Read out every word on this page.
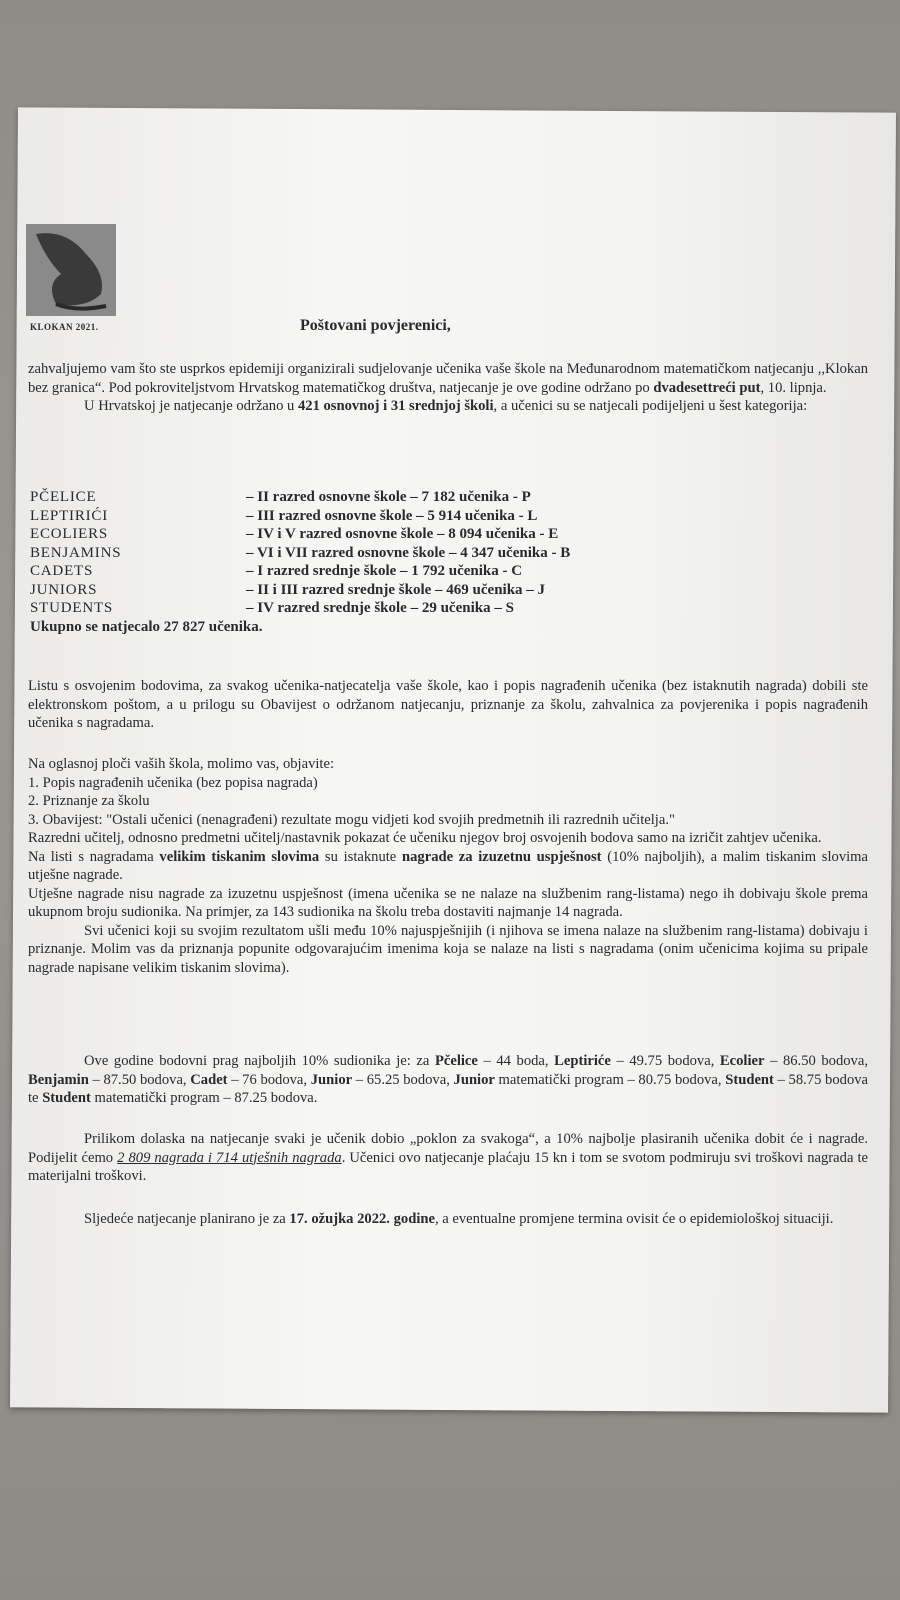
KLOKAN 2021.	Poštovani povjerenici,

zahvaljujemo vam što ste usprkos epidemiji organizirali sudjelovanje učenika vaše škole na Međunarodnom matematičkom natjecanju ,,Klokan bez granica“. Pod pokroviteljstvom Hrvatskog matematičkog društva, natjecanje je ove godine održano po dvadesettreći put, 10. lipnja.

U Hrvatskoj je natjecanje održano u 421 osnovnoj i 31 srednjoj školi, a učenici su se natjecali podijeljeni u šest kategorija:

PČELICE	– II razred osnovne škole – 7 182 učenika - P
LEPTIRIĆI	– III razred osnovne škole – 5 914 učenika - L
ECOLIERS	– IV i V razred osnovne škole – 8 094 učenika - E
BENJAMINS	– VI i VII razred osnovne škole – 4 347 učenika - B
CADETS	– I razred srednje škole – 1 792 učenika - C
JUNIORS	– II i III razred srednje škole – 469 učenika – J
STUDENTS	– IV razred srednje škole – 29 učenika – S
Ukupno se natjecalo 27 827 učenika.
Listu s osvojenim bodovima, za svakog učenika-natjecatelja vaše škole, kao i popis nagrađenih učenika (bez istaknutih nagrada) dobili ste elektronskom poštom, a u prilogu su Obavijest o održanom natjecanju, priznanje za školu, zahvalnica za povjerenika i popis nagrađenih učenika s nagradama.

Na oglasnoj ploči vaših škola, molimo vas, objavite:

1. Popis nagrađenih učenika (bez popisa nagrada)

2. Priznanje za školu

3. Obavijest: "Ostali učenici (nenagrađeni) rezultate mogu vidjeti kod svojih predmetnih ili razrednih učitelja."

Razredni učitelj, odnosno predmetni učitelj/nastavnik pokazat će učeniku njegov broj osvojenih bodova samo na izričit zahtjev učenika.

Na listi s nagradama velikim tiskanim slovima su istaknute nagrade za izuzetnu uspješnost (10% najboljih), a malim tiskanim slovima utješne nagrade.

Utješne nagrade nisu nagrade za izuzetnu uspješnost (imena učenika se ne nalaze na službenim rang-listama) nego ih dobivaju škole prema ukupnom broju sudionika. Na primjer, za 143 sudionika na školu treba dostaviti najmanje 14 nagrada.

Svi učenici koji su svojim rezultatom ušli među 10% najuspješnijih (i njihova se imena nalaze na službenim rang-listama) dobivaju i priznanje. Molim vas da priznanja popunite odgovarajućim imenima koja se nalaze na listi s nagradama (onim učenicima kojima su pripale nagrade napisane velikim tiskanim slovima).

Ove godine bodovni prag najboljih 10% sudionika je: za Pčelice – 44 boda, Leptiriće – 49.75 bodova, Ecolier – 86.50 bodova, Benjamin – 87.50 bodova, Cadet – 76 bodova, Junior – 65.25 bodova, Junior matematički program – 80.75 bodova, Student – 58.75 bodova te Student matematički program – 87.25 bodova.
Prilikom dolaska na natjecanje svaki je učenik dobio „poklon za svakoga“, a 10% najbolje plasiranih učenika dobit će i nagrade. Podijelit ćemo 2 809 nagrada i 714 utješnih nagrada. Učenici ovo natjecanje plaćaju 15 kn i tom se svotom podmiruju svi troškovi nagrada te materijalni troškovi.
Sljedeće natjecanje planirano je za 17. ožujka 2022. godine, a eventualne promjene termina ovisit će o epidemiološkoj situaciji.
